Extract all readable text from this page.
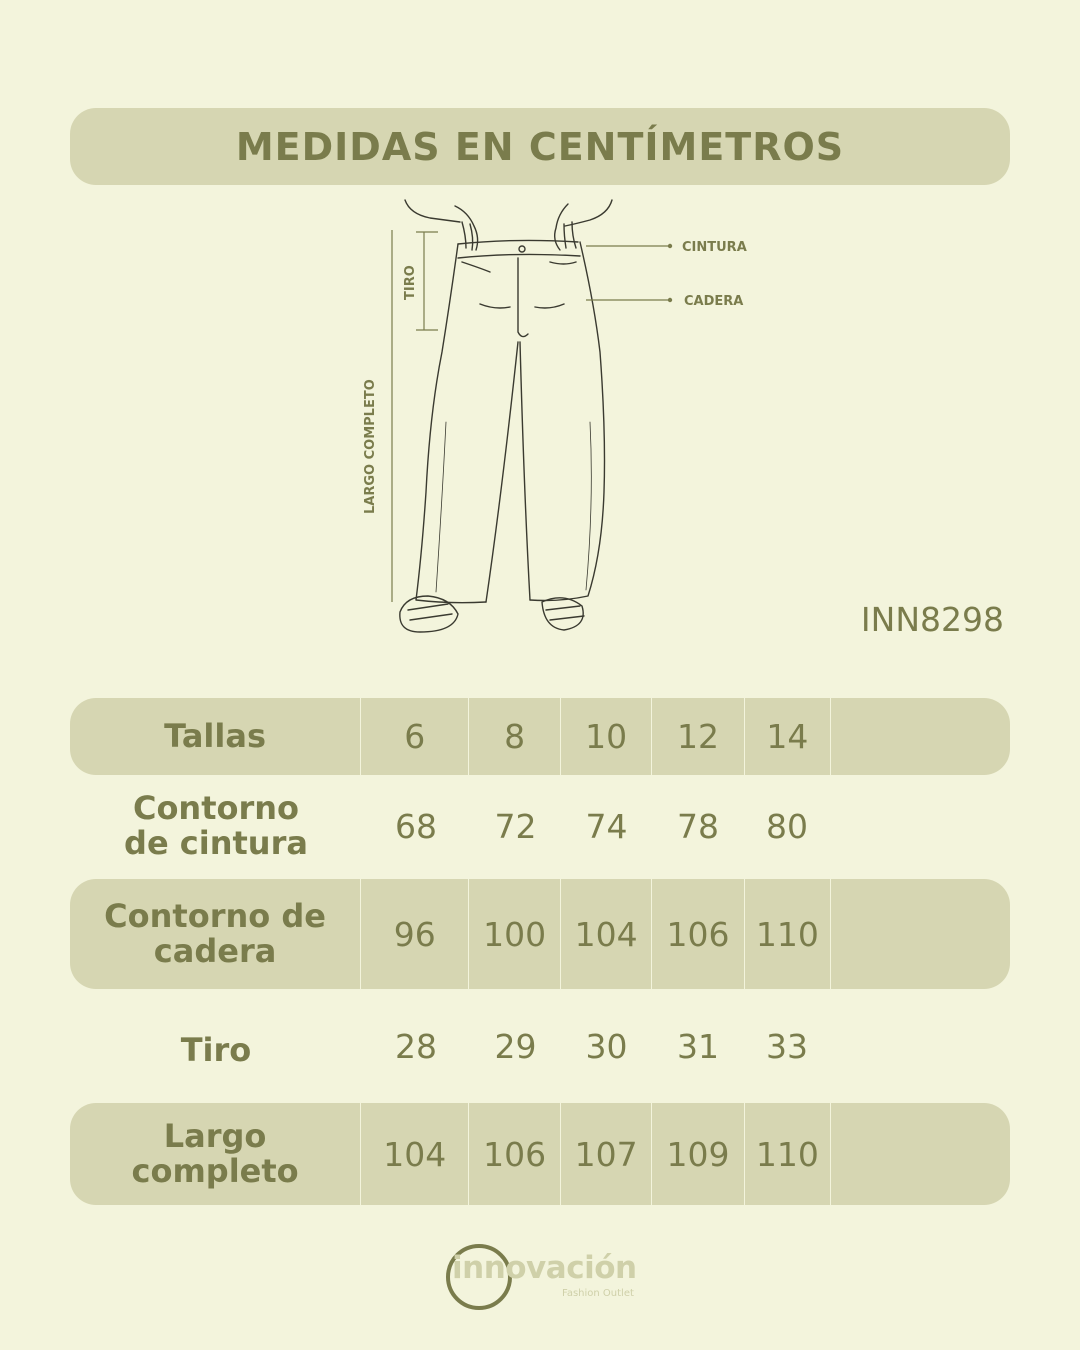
MEDIDAS EN CENTÍMETROS
CINTURA
CADERA
TIRO
LARGO COMPLETO
INN8298
Tallas	6	8	10	12	14
Contorno
de cintura	68	72	74	78	80
Contorno de
cadera	96	100 104 106 110
Tiro	28	29	30	31	33
Largo
completo	104	106 107 109 110
innovación
Fashion Outlet
